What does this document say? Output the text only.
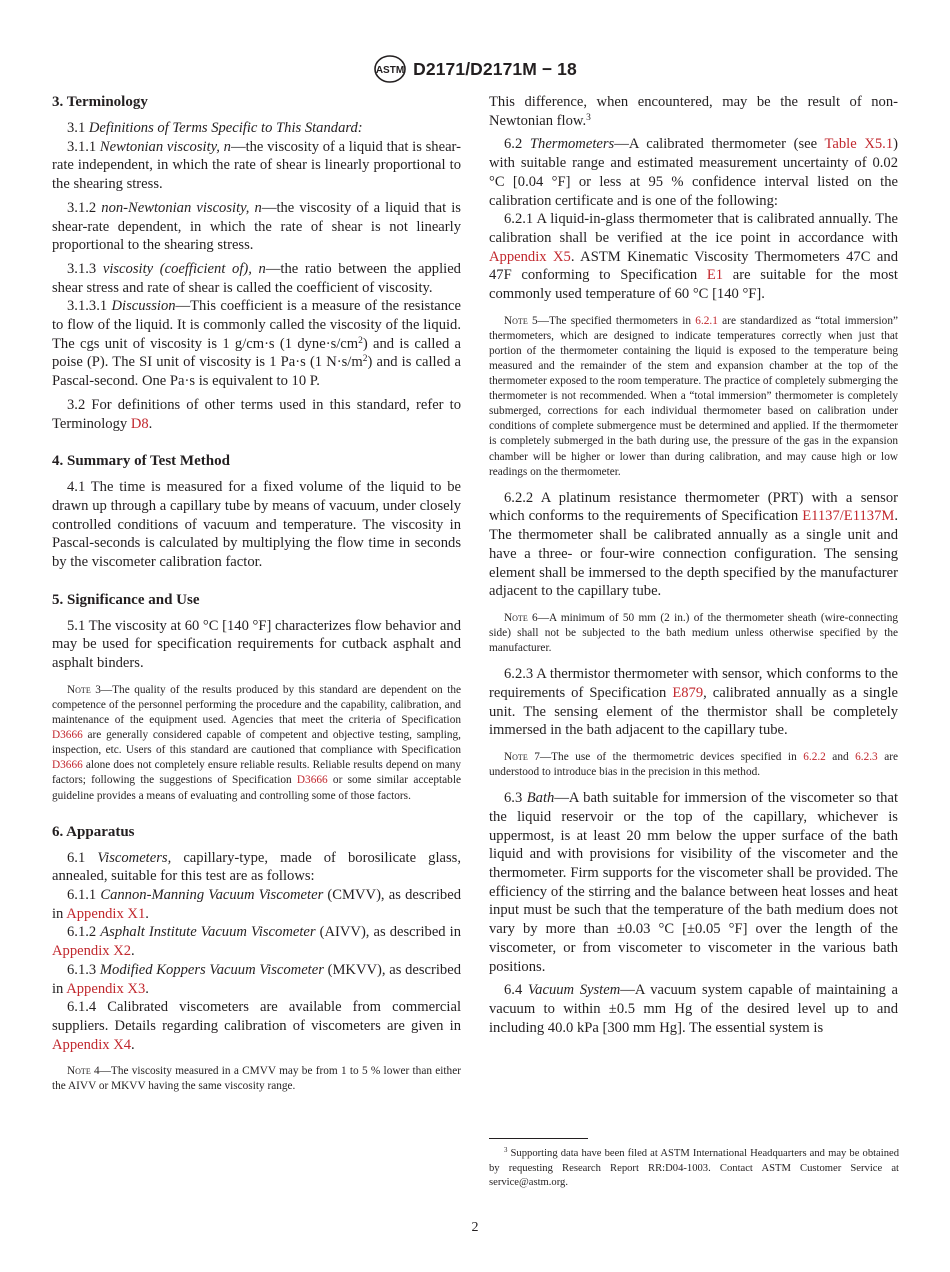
ASTM D2171/D2171M − 18

3. Terminology

3.1 Definitions of Terms Specific to This Standard:

3.1.1 Newtonian viscosity, n—the viscosity of a liquid that is shear-rate independent, in which the rate of shear is linearly proportional to the shearing stress.

3.1.2 non-Newtonian viscosity, n—the viscosity of a liquid that is shear-rate dependent, in which the rate of shear is not linearly proportional to the shearing stress.

3.1.3 viscosity (coefficient of), n—the ratio between the applied shear stress and rate of shear is called the coefficient of viscosity.

3.1.3.1 Discussion—This coefficient is a measure of the resistance to flow of the liquid. It is commonly called the viscosity of the liquid. The cgs unit of viscosity is 1 g/cm·s (1 $dyne\cdot s/cm^2$) and is called a poise (P). The SI unit of viscosity is 1 Pa·s (1 $N\cdot s/m^2$) and is called a Pascal-second. One Pa·s is equivalent to 10 P.

3.2 For definitions of other terms used in this standard, refer to Terminology D8.

4. Summary of Test Method

4.1 The time is measured for a fixed volume of the liquid to be drawn up through a capillary tube by means of vacuum, under closely controlled conditions of vacuum and temperature. The viscosity in Pascal-seconds is calculated by multiplying the flow time in seconds by the viscometer calibration factor.

5. Significance and Use

5.1 The viscosity at 60 °C [140 °F] characterizes flow behavior and may be used for specification requirements for cutback asphalt and asphalt binders.

Note 3—The quality of the results produced by this standard are dependent on the competence of the personnel performing the procedure and the capability, calibration, and maintenance of the equipment used. Agencies that meet the criteria of Specification D3666 are generally considered capable of competent and objective testing, sampling, inspection, etc. Users of this standard are cautioned that compliance with Specification D3666 alone does not completely ensure reliable results. Reliable results depend on many factors; following the suggestions of Specification D3666 or some similar acceptable guideline provides a means of evaluating and controlling some of those factors.

6. Apparatus

6.1 Viscometers, capillary-type, made of borosilicate glass, annealed, suitable for this test are as follows:

6.1.1 Cannon-Manning Vacuum Viscometer (CMVV), as described in Appendix X1.

6.1.2 Asphalt Institute Vacuum Viscometer (AIVV), as described in Appendix X2.

6.1.3 Modified Koppers Vacuum Viscometer (MKVV), as described in Appendix X3.

6.1.4 Calibrated viscometers are available from commercial suppliers. Details regarding calibration of viscometers are given in Appendix X4.

Note 4—The viscosity measured in a CMVV may be from 1 to 5 % lower than either the AIVV or MKVV having the same viscosity range.

This difference, when encountered, may be the result of non-Newtonian flow.$^3$

6.2 Thermometers—A calibrated thermometer (see Table X5.1) with suitable range and estimated measurement uncertainty of 0.02 °C [0.04 °F] or less at 95 % confidence interval listed on the calibration certificate and is one of the following:

6.2.1 A liquid-in-glass thermometer that is calibrated annually. The calibration shall be verified at the ice point in accordance with Appendix X5. ASTM Kinematic Viscosity Thermometers 47C and 47F conforming to Specification E1 are suitable for the most commonly used temperature of 60 °C [140 °F].

Note 5—The specified thermometers in 6.2.1 are standardized as “total immersion” thermometers, which are designed to indicate temperatures correctly when just that portion of the thermometer containing the liquid is exposed to the temperature being measured and the remainder of the stem and expansion chamber at the top of the thermometer exposed to the room temperature. The practice of completely submerging the thermometer is not recommended. When a “total immersion” thermometer is completely submerged, corrections for each individual thermometer based on calibration under conditions of complete submergence must be determined and applied. If the thermometer is completely submerged in the bath during use, the pressure of the gas in the expansion chamber will be higher or lower than during calibration, and may cause high or low readings on the thermometer.

6.2.2 A platinum resistance thermometer (PRT) with a sensor which conforms to the requirements of Specification E1137/E1137M. The thermometer shall be calibrated annually as a single unit and have a three- or four-wire connection configuration. The sensing element shall be immersed to the depth specified by the manufacturer adjacent to the capillary tube.

Note 6—A minimum of 50 mm (2 in.) of the thermometer sheath (wire-connecting side) shall not be subjected to the bath medium unless otherwise specified by the manufacturer.

6.2.3 A thermistor thermometer with sensor, which conforms to the requirements of Specification E879, calibrated annually as a single unit. The sensing element of the thermistor shall be completely immersed in the bath adjacent to the capillary tube.

Note 7—The use of the thermometric devices specified in 6.2.2 and 6.2.3 are understood to introduce bias in the precision in this method.

6.3 Bath—A bath suitable for immersion of the viscometer so that the liquid reservoir or the top of the capillary, whichever is uppermost, is at least 20 mm below the upper surface of the bath liquid and with provisions for visibility of the viscometer and the thermometer. Firm supports for the viscometer shall be provided. The efficiency of the stirring and the balance between heat losses and heat input must be such that the temperature of the bath medium does not vary by more than ±0.03 °C [±0.05 °F] over the length of the viscometer, or from viscometer to viscometer in the various bath positions.

6.4 Vacuum System—A vacuum system capable of maintaining a vacuum to within ±0.5 mm Hg of the desired level up to and including 40.0 kPa [300 mm Hg]. The essential system is

$^3$ Supporting data have been filed at ASTM International Headquarters and may be obtained by requesting Research Report RR:D04-1003. Contact ASTM Customer Service at service@astm.org.

2
